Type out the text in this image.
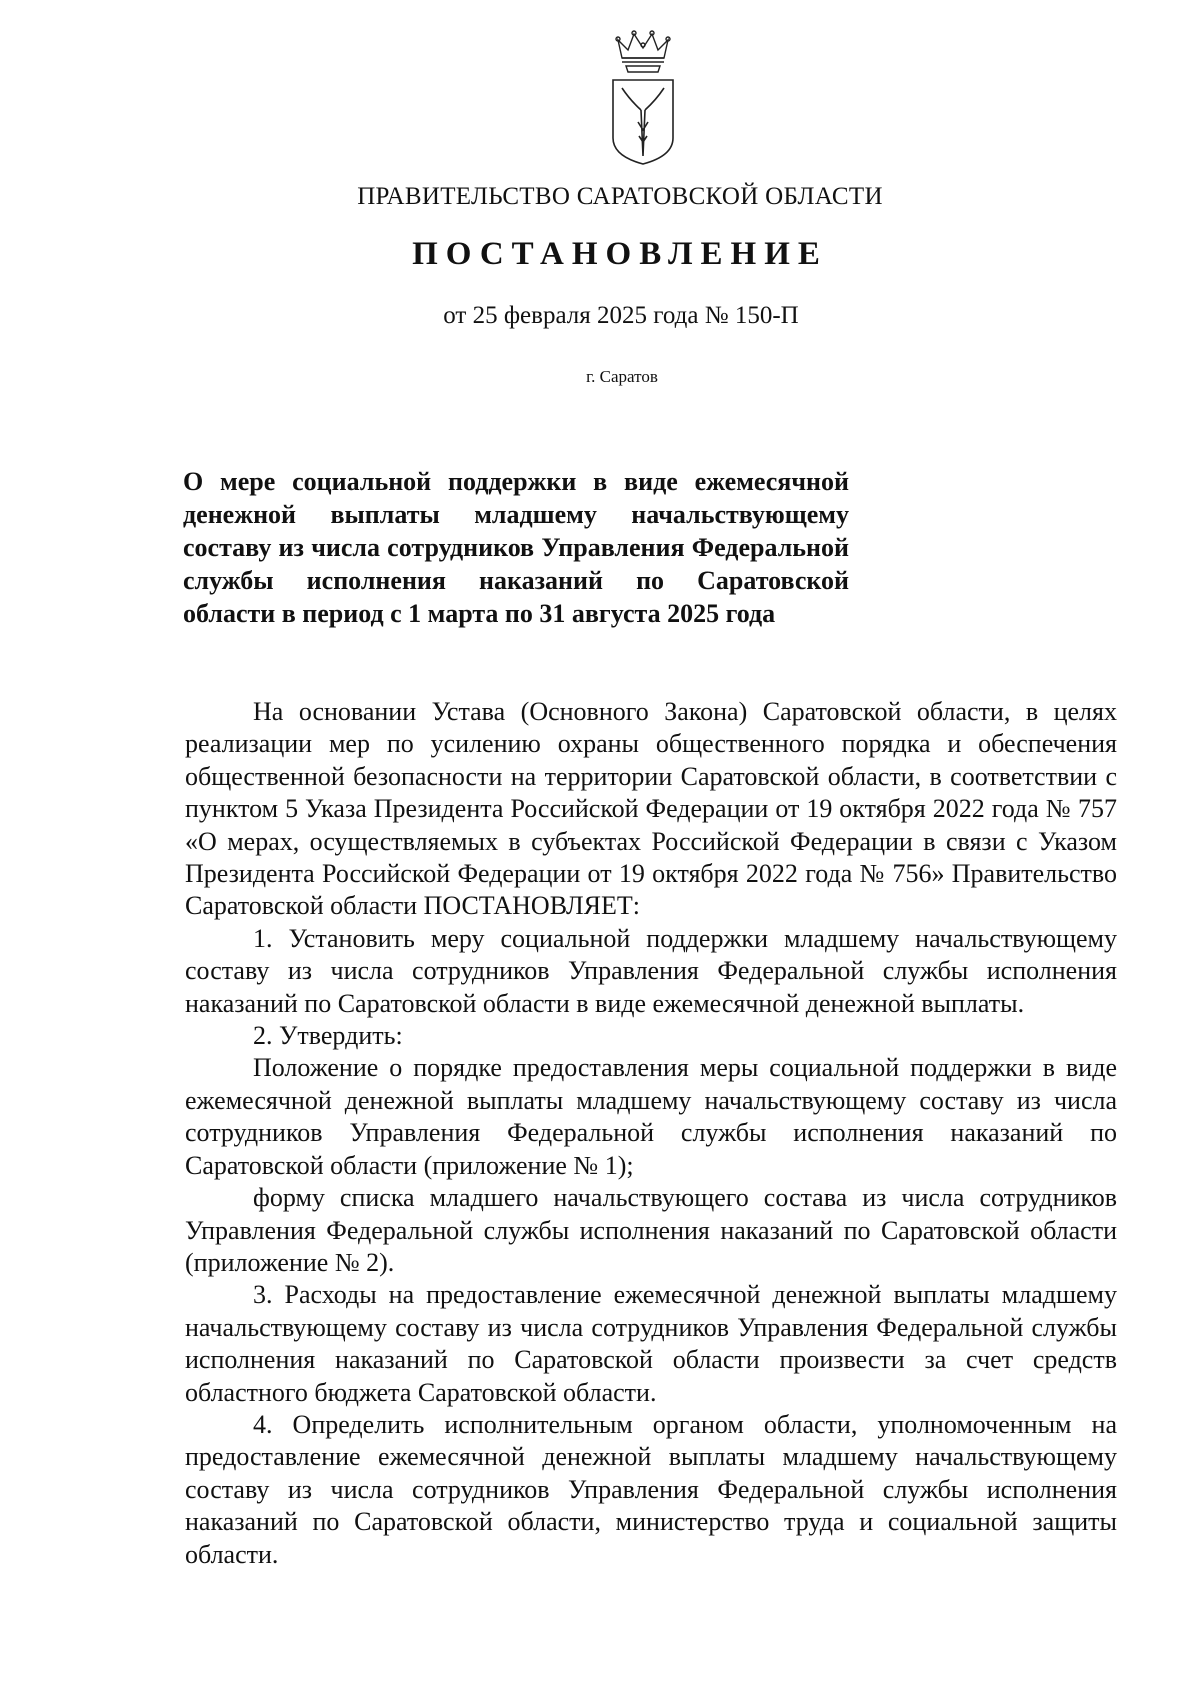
ПРАВИТЕЛЬСТВО САРАТОВСКОЙ ОБЛАСТИ
ПОСТАНОВЛЕНИЕ
от 25 февраля 2025 года № 150-П
г. Саратов
О мере социальной поддержки в виде ежемесячной
денежной выплаты младшему начальствующему
составу из числа сотрудников Управления Федеральной
службы исполнения наказаний по Саратовской
области в период с 1 марта по 31 августа 2025 года

На основании Устава (Основного Закона) Саратовской области, в целях реализации мер по усилению охраны общественного порядка и обеспечения общественной безопасности на территории Саратовской области, в соответствии с пунктом 5 Указа Президента Российской Федерации от 19 октября 2022 года № 757 «О мерах, осуществляемых в субъектах Российской Федерации в связи с Указом Президента Российской Федерации от 19 октября 2022 года № 756» Правительство Саратовской области ПОСТАНОВЛЯЕТ:

1. Установить меру социальной поддержки младшему начальствующему составу из числа сотрудников Управления Федеральной службы исполнения наказаний по Саратовской области в виде ежемесячной денежной выплаты.

2. Утвердить:

Положение о порядке предоставления меры социальной поддержки в виде ежемесячной денежной выплаты младшему начальствующему составу из числа сотрудников Управления Федеральной службы исполнения наказаний по Саратовской области (приложение № 1);

форму списка младшего начальствующего состава из числа сотрудников Управления Федеральной службы исполнения наказаний по Саратовской области (приложение № 2).

3. Расходы на предоставление ежемесячной денежной выплаты младшему начальствующему составу из числа сотрудников Управления Федеральной службы исполнения наказаний по Саратовской области произвести за счет средств областного бюджета Саратовской области.

4. Определить исполнительным органом области, уполномоченным на предоставление ежемесячной денежной выплаты младшему начальствующему составу из числа сотрудников Управления Федеральной службы исполнения наказаний по Саратовской области, министерство труда и социальной защиты области.
